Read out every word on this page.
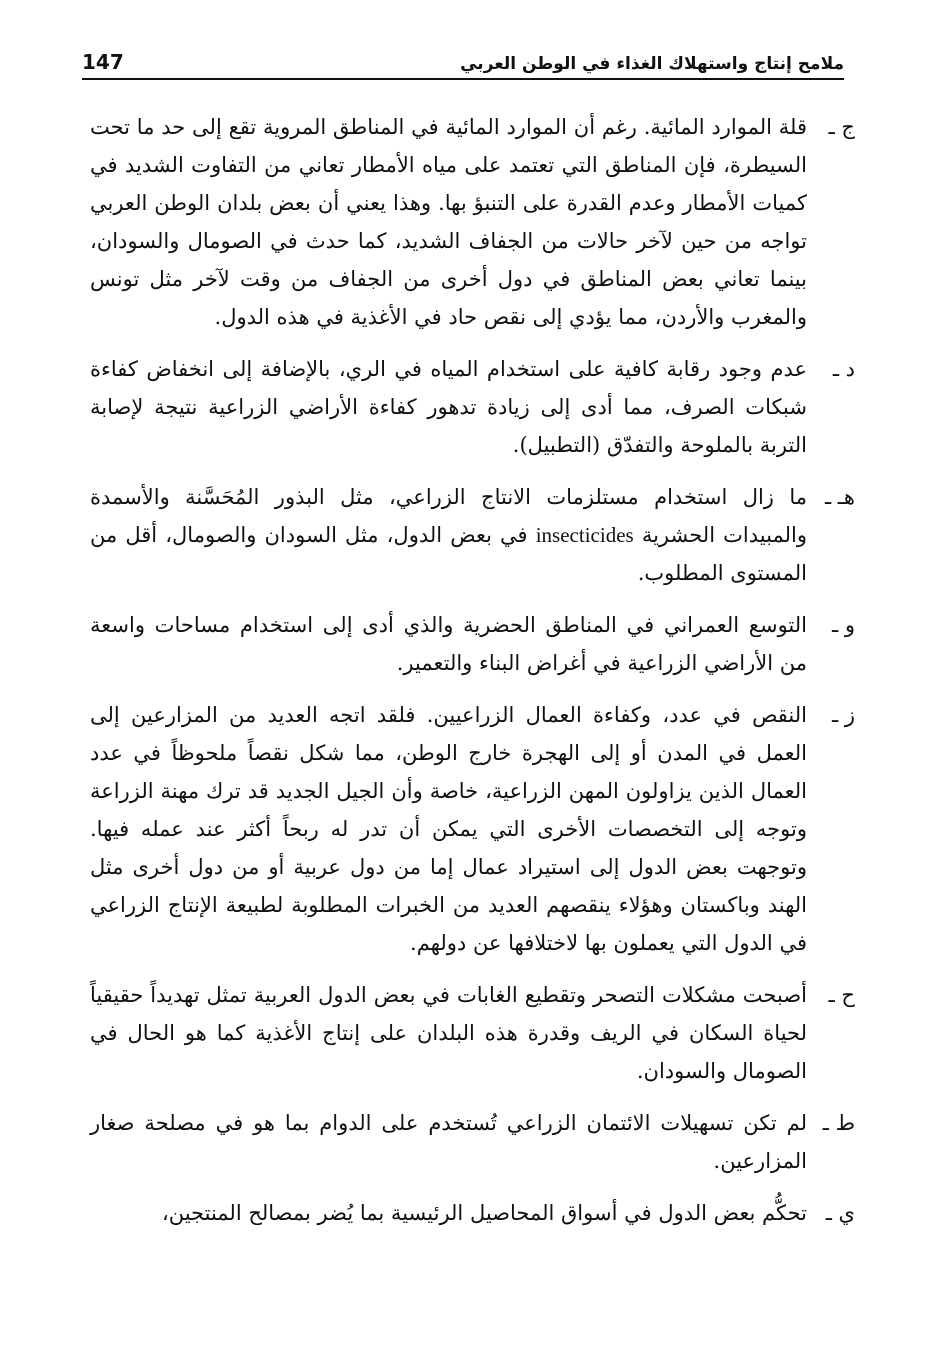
147	ملامح إنتاج واستهلاك الغذاء في الوطن العربي
ج ـ
قلة الموارد المائية. رغم أن الموارد المائية في المناطق المروية تقع إلى حد ما تحت السيطرة، فإن المناطق التي تعتمد على مياه الأمطار تعاني من التفاوت الشديد في كميات الأمطار وعدم القدرة على التنبؤ بها. وهذا يعني أن بعض بلدان الوطن العربي تواجه من حين لآخر حالات من الجفاف الشديد، كما حدث في الصومال والسودان، بينما تعاني بعض المناطق في دول أخرى من الجفاف من وقت لآخر مثل تونس والمغرب والأردن، مما يؤدي إلى نقص حاد في الأغذية في هذه الدول.
د ـ
عدم وجود رقابة كافية على استخدام المياه في الري، بالإضافة إلى انخفاض كفاءة شبكات الصرف، مما أدى إلى زيادة تدهور كفاءة الأراضي الزراعية نتيجة لإصابة التربة بالملوحة والتفدّق (التطبيل).
هـ ـ
ما زال استخدام مستلزمات الانتاج الزراعي، مثل البذور المُحَسَّنة والأسمدة والمبيدات الحشرية insecticides في بعض الدول، مثل السودان والصومال، أقل من المستوى المطلوب.
و ـ
التوسع العمراني في المناطق الحضرية والذي أدى إلى استخدام مساحات واسعة من الأراضي الزراعية في أغراض البناء والتعمير.
ز ـ
النقص في عدد، وكفاءة العمال الزراعيين. فلقد اتجه العديد من المزارعين إلى العمل في المدن أو إلى الهجرة خارج الوطن، مما شكل نقصاً ملحوظاً في عدد العمال الذين يزاولون المهن الزراعية، خاصة وأن الجيل الجديد قد ترك مهنة الزراعة وتوجه إلى التخصصات الأخرى التي يمكن أن تدر له ربحاً أكثر عند عمله فيها. وتوجهت بعض الدول إلى استيراد عمال إما من دول عربية أو من دول أخرى مثل الهند وباكستان وهؤلاء ينقصهم العديد من الخبرات المطلوبة لطبيعة الإنتاج الزراعي في الدول التي يعملون بها لاختلافها عن دولهم.
ح ـ
أصبحت مشكلات التصحر وتقطيع الغابات في بعض الدول العربية تمثل تهديداً حقيقياً لحياة السكان في الريف وقدرة هذه البلدان على إنتاج الأغذية كما هو الحال في الصومال والسودان.
ط ـ
لم تكن تسهيلات الائتمان الزراعي تُستخدم على الدوام بما هو في مصلحة صغار المزارعين.
ي ـ
تحكُّم بعض الدول في أسواق المحاصيل الرئيسية بما يُضر بمصالح المنتجين،
